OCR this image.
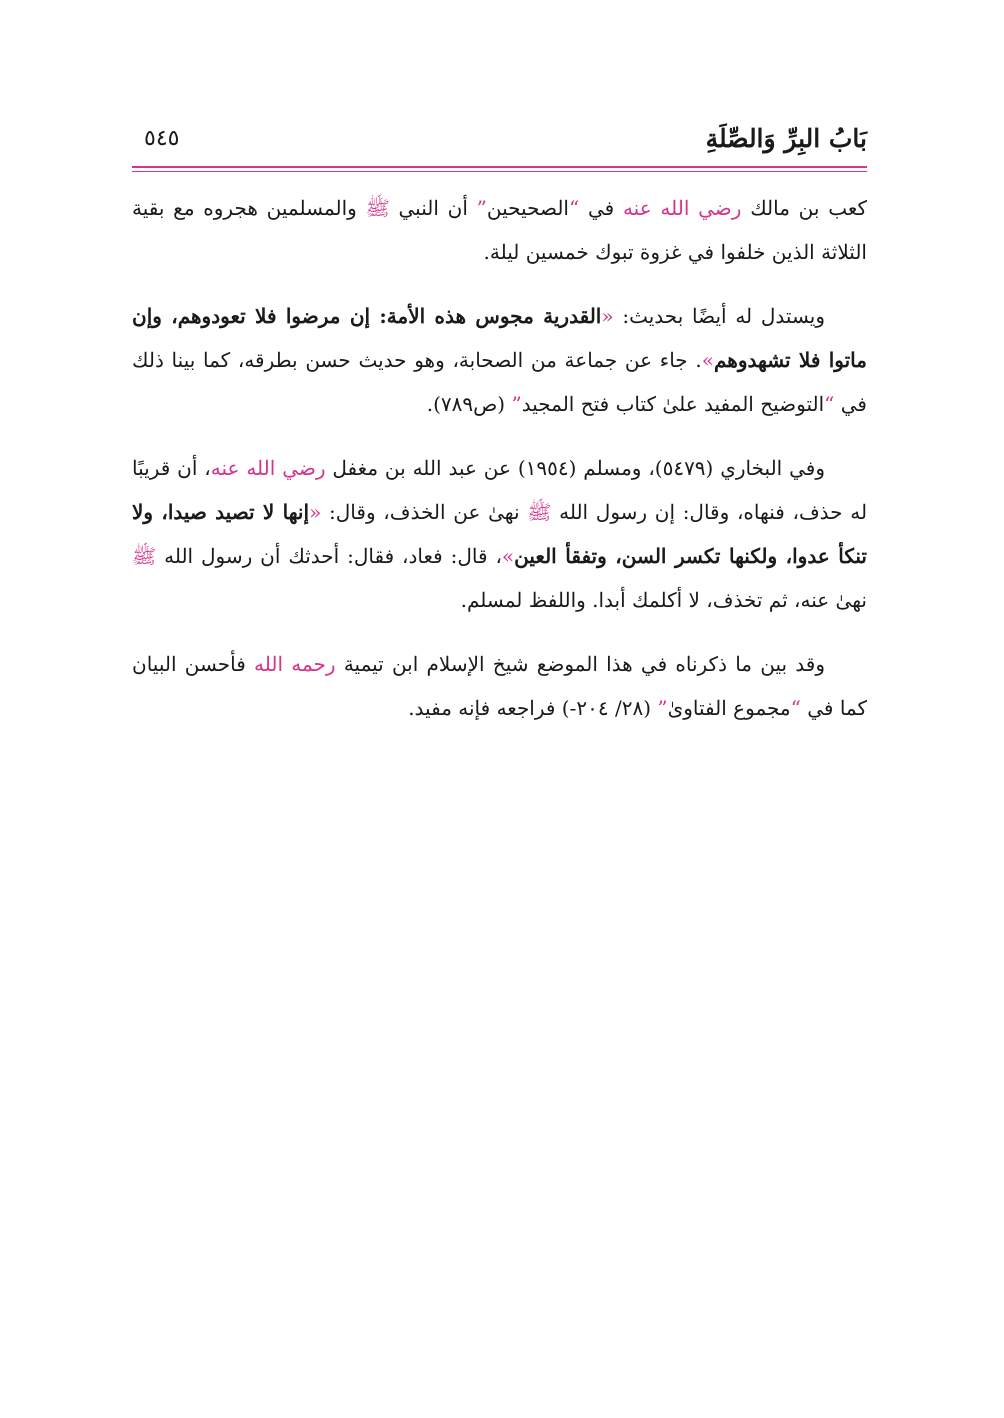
بَابُ البِرِّ وَالصِّلَةِ
٥٤٥

كعب بن مالك رضي الله عنه في “الصحيحين” أن النبي ﷺ والمسلمين هجروه مع بقية الثلاثة الذين خلفوا في غزوة تبوك خمسين ليلة.

ويستدل له أيضًا بحديث: «القدرية مجوس هذه الأمة: إن مرضوا فلا تعودوهم، وإن ماتوا فلا تشهدوهم». جاء عن جماعة من الصحابة، وهو حديث حسن بطرقه، كما بينا ذلك في “التوضيح المفيد علىٰ كتاب فتح المجيد” (ص٧٨٩).

وفي البخاري (٥٤٧٩)، ومسلم (١٩٥٤) عن عبد الله بن مغفل رضي الله عنه، أن قريبًا له حذف، فنهاه، وقال: إن رسول الله ﷺ نهىٰ عن الخذف، وقال: «إنها لا تصيد صيدا، ولا تنكأ عدوا، ولكنها تكسر السن، وتفقأ العين»، قال: فعاد، فقال: أحدثك أن رسول الله ﷺ نهىٰ عنه، ثم تخذف، لا أكلمك أبدا. واللفظ لمسلم.

وقد بين ما ذكرناه في هذا الموضع شيخ الإسلام ابن تيمية رحمه الله فأحسن البيان كما في “مجموع الفتاوىٰ” (٢٨/ ٢٠٤-) فراجعه فإنه مفيد.
